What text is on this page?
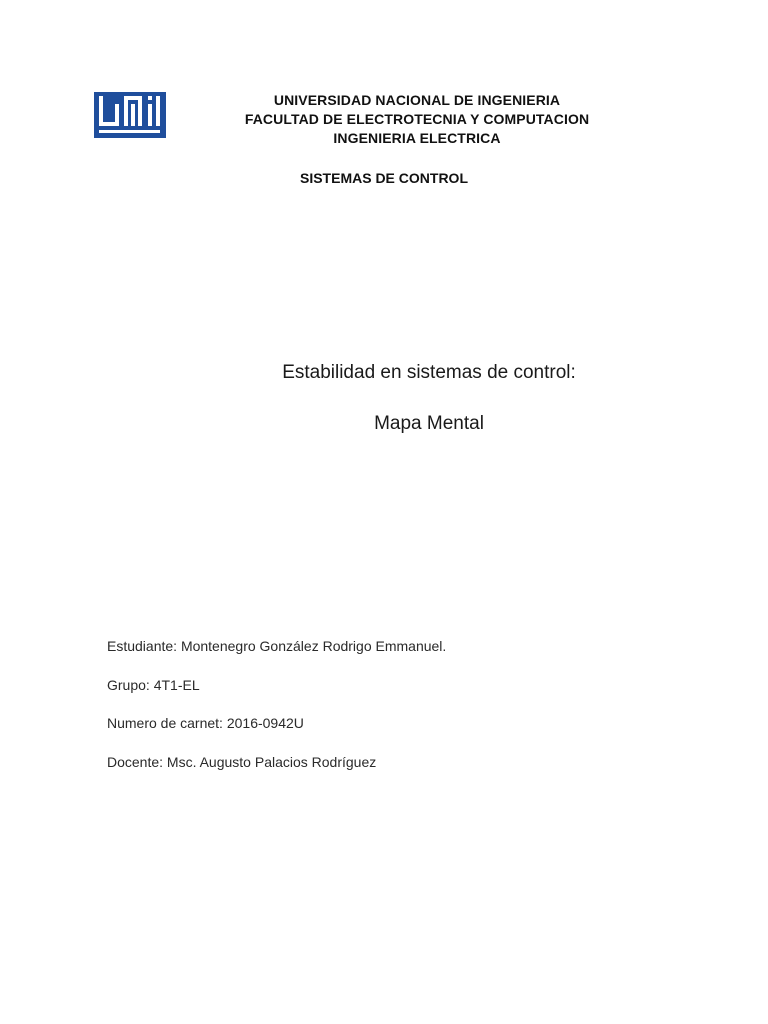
UNIVERSIDAD NACIONAL DE INGENIERIA
FACULTAD DE ELECTROTECNIA Y COMPUTACION
INGENIERIA ELECTRICA
SISTEMAS DE CONTROL
Estabilidad en sistemas de control:
Mapa Mental
Estudiante: Montenegro González Rodrigo Emmanuel.
Grupo: 4T1-EL
Numero de carnet: 2016-0942U
Docente: Msc. Augusto Palacios Rodríguez
